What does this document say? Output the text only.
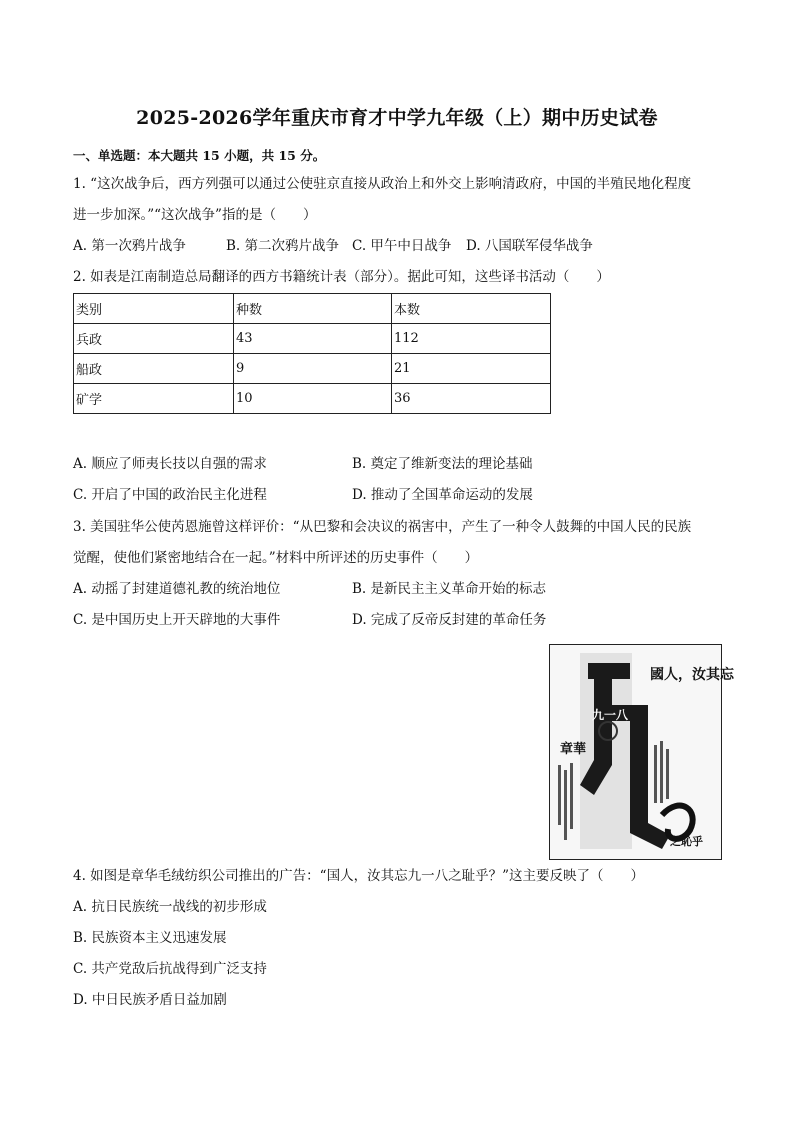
2025-2026学年重庆市育才中学九年级（上）期中历史试卷
一、单选题：本大题共 15 小题，共 15 分。
1. “这次战争后，西方列强可以通过公使驻京直接从政治上和外交上影响清政府，中国的半殖民地化程度
进一步加深。”“这次战争”指的是（　　）
A. 第一次鸦片战争	B. 第二次鸦片战争 C. 甲午中日战争 D. 八国联军侵华战争
2. 如表是江南制造总局翻译的西方书籍统计表（部分）。据此可知，这些译书活动（　　）
类别	种数	本数
兵政	43	112
船政	9	21
矿学	10	36
A. 顺应了师夷长技以自强的需求	B. 奠定了维新变法的理论基础
C. 开启了中国的政治民主化进程	D. 推动了全国革命运动的发展
3. 美国驻华公使芮恩施曾这样评价：“从巴黎和会决议的祸害中，产生了一种令人鼓舞的中国人民的民族
觉醒，使他们紧密地结合在一起。”材料中所评述的历史事件（　　）
A. 动摇了封建道德礼教的统治地位	B. 是新民主主义革命开始的标志
C. 是中国历史上开天辟地的大事件	D. 完成了反帝反封建的革命任务
國人，汝其忘
章華
之恥乎
九一八
4. 如图是章华毛绒纺织公司推出的广告：“国人，汝其忘九一八之耻乎？”这主要反映了（　　）
A. 抗日民族统一战线的初步形成
B. 民族资本主义迅速发展
C. 共产党敌后抗战得到广泛支持
D. 中日民族矛盾日益加剧
